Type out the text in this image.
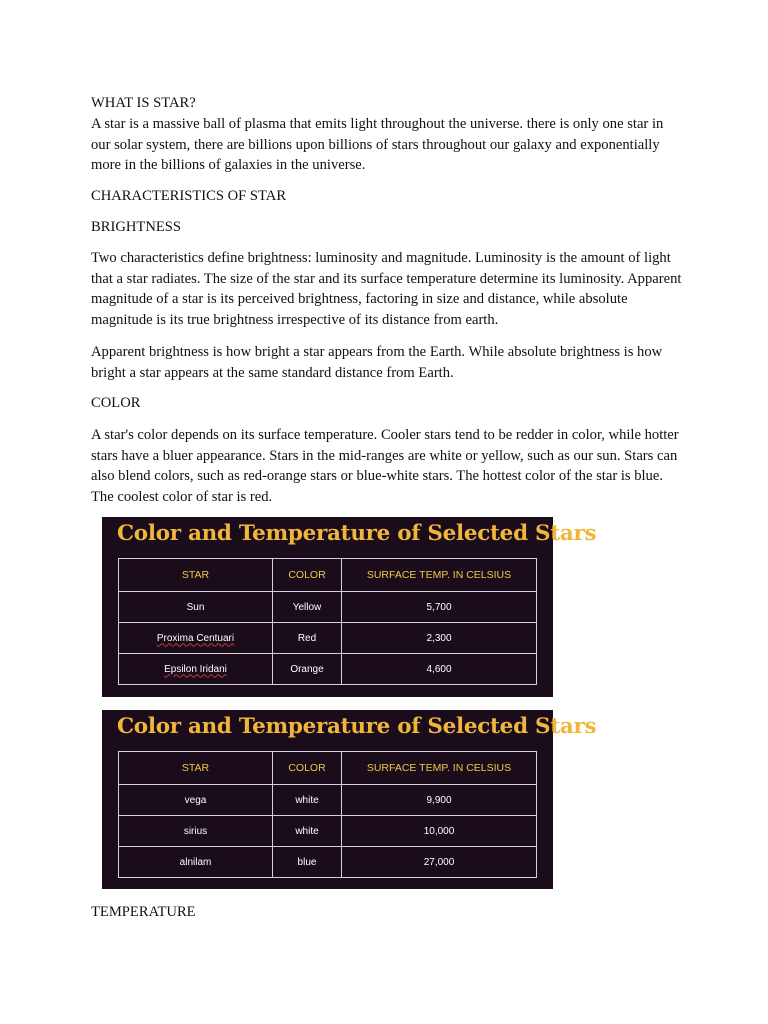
WHAT IS STAR?

A star is a massive ball of plasma that emits light throughout the universe. there is only one star in our solar system, there are billions upon billions of stars throughout our galaxy and exponentially more in the billions of galaxies in the universe.

CHARACTERISTICS OF STAR

BRIGHTNESS

Two characteristics define brightness: luminosity and magnitude. Luminosity is the amount of light that a star radiates. The size of the star and its surface temperature determine its luminosity. Apparent magnitude of a star is its perceived brightness, factoring in size and distance, while absolute magnitude is its true brightness irrespective of its distance from earth.

Apparent brightness is how bright a star appears from the Earth. While absolute brightness is how bright a star appears at the same standard distance from Earth.

COLOR

A star's color depends on its surface temperature. Cooler stars tend to be redder in color, while hotter stars have a bluer appearance. Stars in the mid-ranges are white or yellow, such as our sun. Stars can also blend colors, such as red-orange stars or blue-white stars. The hottest color of the star is blue. The coolest color of star is red.

Color and Temperature of Selected Stars
STAR	COLOR	SURFACE TEMP. IN CELSIUS
Sun	Yellow	5,700
Proxima Centuari	Red	2,300
Epsilon Iridani	Orange	4,600
Color and Temperature of Selected Stars
STAR	COLOR	SURFACE TEMP. IN CELSIUS
vega	white	9,900
sirius	white	10,000
alnilam	blue	27,000

TEMPERATURE
